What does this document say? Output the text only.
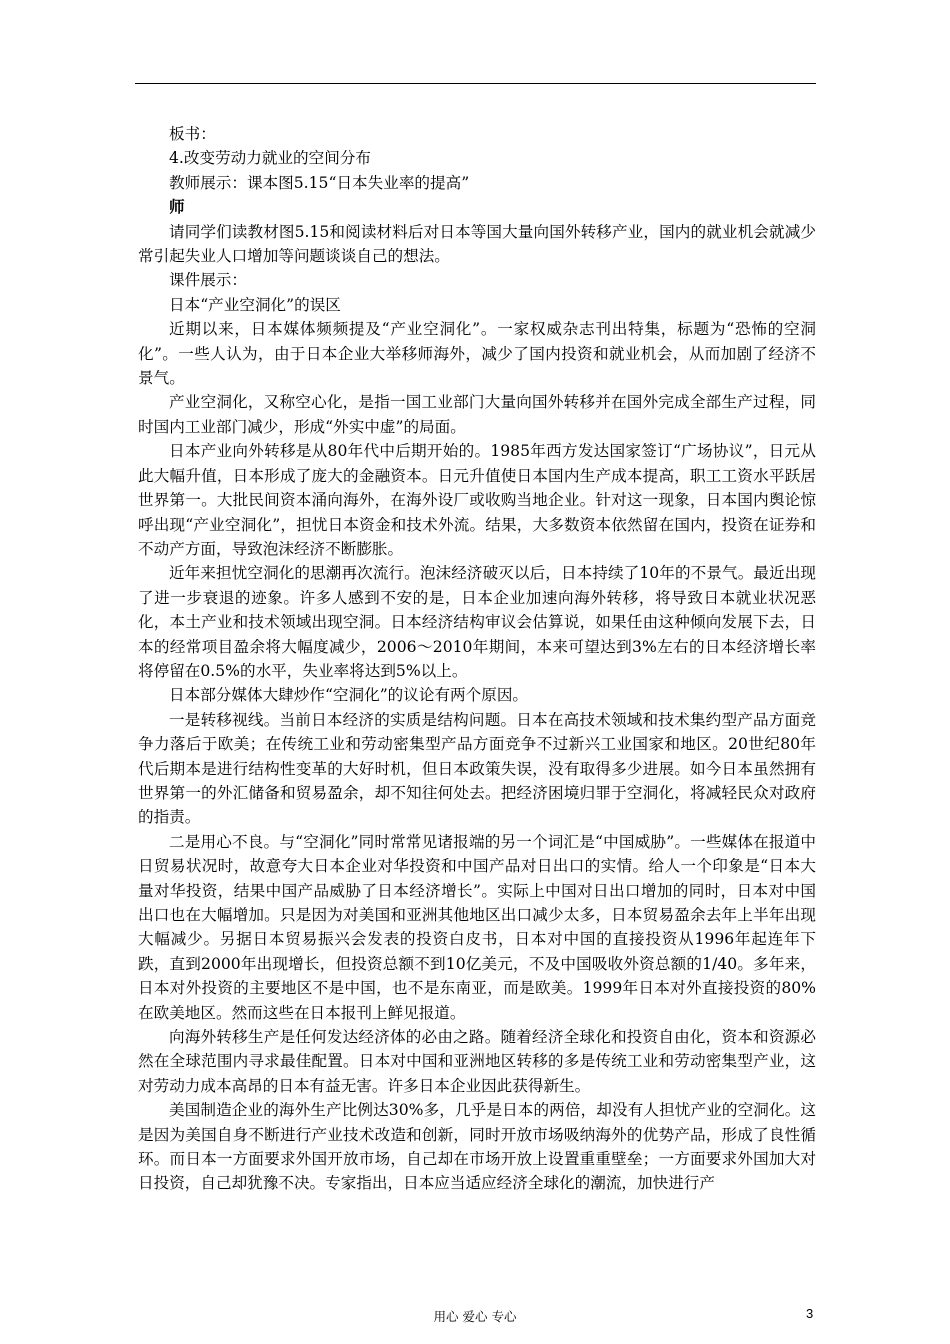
板书：

4.改变劳动力就业的空间分布

教师展示：课本图5.15“日本失业率的提高”

师

请同学们读教材图5.15和阅读材料后对日本等国大量向国外转移产业，国内的就业机会就减少常引起失业人口增加等问题谈谈自己的想法。

课件展示：

日本“产业空洞化”的误区

近期以来，日本媒体频频提及“产业空洞化”。一家权威杂志刊出特集，标题为“恐怖的空洞化”。一些人认为，由于日本企业大举移师海外，减少了国内投资和就业机会，从而加剧了经济不景气。

产业空洞化，又称空心化，是指一国工业部门大量向国外转移并在国外完成全部生产过程，同时国内工业部门减少，形成“外实中虚”的局面。

日本产业向外转移是从80年代中后期开始的。1985年西方发达国家签订“广场协议”，日元从此大幅升值，日本形成了庞大的金融资本。日元升值使日本国内生产成本提高，职工工资水平跃居世界第一。大批民间资本涌向海外，在海外设厂或收购当地企业。针对这一现象，日本国内舆论惊呼出现“产业空洞化”，担忧日本资金和技术外流。结果，大多数资本依然留在国内，投资在证券和不动产方面，导致泡沫经济不断膨胀。

近年来担忧空洞化的思潮再次流行。泡沫经济破灭以后，日本持续了10年的不景气。最近出现了进一步衰退的迹象。许多人感到不安的是，日本企业加速向海外转移，将导致日本就业状况恶化，本土产业和技术领域出现空洞。日本经济结构审议会估算说，如果任由这种倾向发展下去，日本的经常项目盈余将大幅度减少，2006～2010年期间，本来可望达到3%左右的日本经济增长率将停留在0.5%的水平，失业率将达到5%以上。

日本部分媒体大肆炒作“空洞化”的议论有两个原因。

一是转移视线。当前日本经济的实质是结构问题。日本在高技术领域和技术集约型产品方面竞争力落后于欧美；在传统工业和劳动密集型产品方面竞争不过新兴工业国家和地区。20世纪80年代后期本是进行结构性变革的大好时机，但日本政策失误，没有取得多少进展。如今日本虽然拥有世界第一的外汇储备和贸易盈余，却不知往何处去。把经济困境归罪于空洞化，将减轻民众对政府的指责。

二是用心不良。与“空洞化”同时常常见诸报端的另一个词汇是“中国威胁”。一些媒体在报道中日贸易状况时，故意夸大日本企业对华投资和中国产品对日出口的实情。给人一个印象是“日本大量对华投资，结果中国产品威胁了日本经济增长”。实际上中国对日出口增加的同时，日本对中国出口也在大幅增加。只是因为对美国和亚洲其他地区出口减少太多，日本贸易盈余去年上半年出现大幅减少。另据日本贸易振兴会发表的投资白皮书，日本对中国的直接投资从1996年起连年下跌，直到2000年出现增长，但投资总额不到10亿美元，不及中国吸收外资总额的1/40。多年来，日本对外投资的主要地区不是中国，也不是东南亚，而是欧美。1999年日本对外直接投资的80%在欧美地区。然而这些在日本报刊上鲜见报道。

向海外转移生产是任何发达经济体的必由之路。随着经济全球化和投资自由化，资本和资源必然在全球范围内寻求最佳配置。日本对中国和亚洲地区转移的多是传统工业和劳动密集型产业，这对劳动力成本高昂的日本有益无害。许多日本企业因此获得新生。

美国制造企业的海外生产比例达30%多，几乎是日本的两倍，却没有人担忧产业的空洞化。这是因为美国自身不断进行产业技术改造和创新，同时开放市场吸纳海外的优势产品，形成了良性循环。而日本一方面要求外国开放市场，自己却在市场开放上设置重重壁垒；一方面要求外国加大对日投资，自己却犹豫不决。专家指出，日本应当适应经济全球化的潮流，加快进行产

用心 爱心 专心	3
